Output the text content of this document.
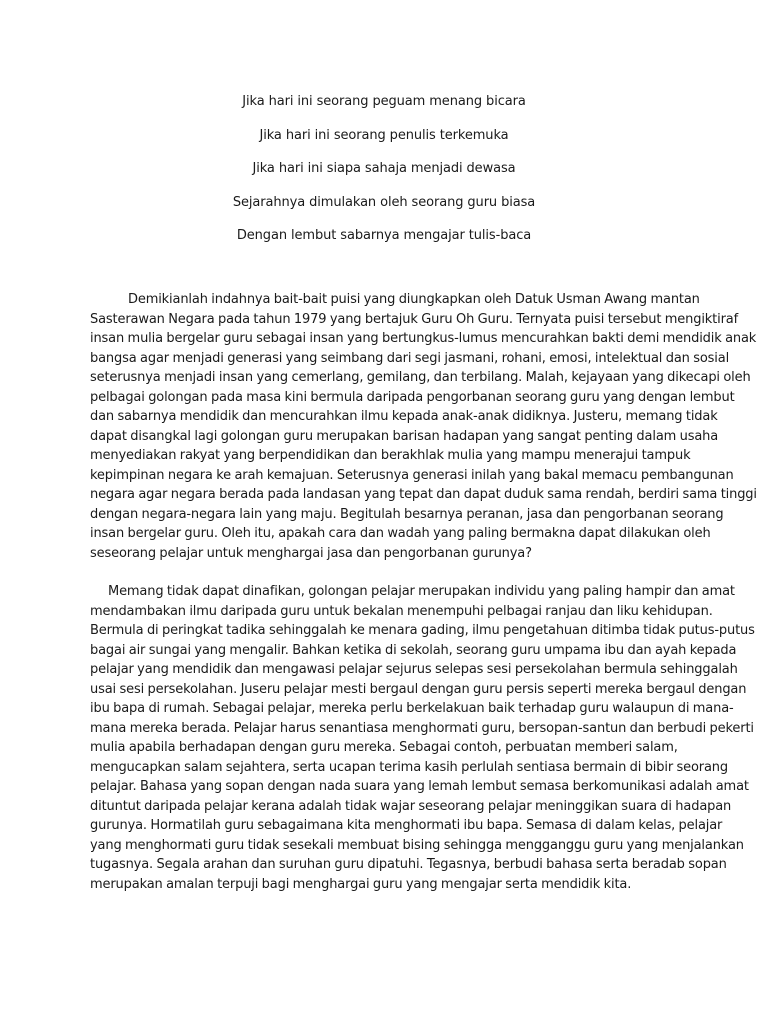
Jika hari ini seorang peguam menang bicara
Jika hari ini seorang penulis terkemuka
Jika hari ini siapa sahaja menjadi dewasa
Sejarahnya dimulakan oleh seorang guru biasa
Dengan lembut sabarnya mengajar tulis-baca
Demikianlah indahnya bait-bait puisi yang diungkapkan oleh Datuk Usman Awang mantan
Sasterawan Negara pada tahun 1979 yang bertajuk Guru Oh Guru. Ternyata puisi tersebut mengiktiraf
insan mulia bergelar guru sebagai insan yang bertungkus-lumus mencurahkan bakti demi mendidik anak
bangsa agar menjadi generasi yang seimbang dari segi jasmani, rohani, emosi, intelektual dan sosial
seterusnya menjadi insan yang cemerlang, gemilang, dan terbilang. Malah, kejayaan yang dikecapi oleh
pelbagai golongan pada masa kini bermula daripada pengorbanan seorang guru yang dengan lembut
dan sabarnya mendidik dan mencurahkan ilmu kepada anak-anak didiknya. Justeru, memang tidak
dapat disangkal lagi golongan guru merupakan barisan hadapan yang sangat penting dalam usaha
menyediakan rakyat yang berpendidikan dan berakhlak mulia yang mampu menerajui tampuk
kepimpinan negara ke arah kemajuan. Seterusnya generasi inilah yang bakal memacu pembangunan
negara agar negara berada pada landasan yang tepat dan dapat duduk sama rendah, berdiri sama tinggi
dengan negara-negara lain yang maju. Begitulah besarnya peranan, jasa dan pengorbanan seorang
insan bergelar guru. Oleh itu, apakah cara dan wadah yang paling bermakna dapat dilakukan oleh
seseorang pelajar untuk menghargai jasa dan pengorbanan gurunya?
Memang tidak dapat dinafikan, golongan pelajar merupakan individu yang paling hampir dan amat
mendambakan ilmu daripada guru untuk bekalan menempuhi pelbagai ranjau dan liku kehidupan.
Bermula di peringkat tadika sehinggalah ke menara gading, ilmu pengetahuan ditimba tidak putus-putus
bagai air sungai yang mengalir. Bahkan ketika di sekolah, seorang guru umpama ibu dan ayah kepada
pelajar yang mendidik dan mengawasi pelajar sejurus selepas sesi persekolahan bermula sehinggalah
usai sesi persekolahan. Juseru pelajar mesti bergaul dengan guru persis seperti mereka bergaul dengan
ibu bapa di rumah. Sebagai pelajar, mereka perlu berkelakuan baik terhadap guru walaupun di mana-
mana mereka berada. Pelajar harus senantiasa menghormati guru, bersopan-santun dan berbudi pekerti
mulia apabila berhadapan dengan guru mereka. Sebagai contoh, perbuatan memberi salam,
mengucapkan salam sejahtera, serta ucapan terima kasih perlulah sentiasa bermain di bibir seorang
pelajar. Bahasa yang sopan dengan nada suara yang lemah lembut semasa berkomunikasi adalah amat
dituntut daripada pelajar kerana adalah tidak wajar seseorang pelajar meninggikan suara di hadapan
gurunya. Hormatilah guru sebagaimana kita menghormati ibu bapa. Semasa di dalam kelas, pelajar
yang menghormati guru tidak sesekali membuat bising sehingga mengganggu guru yang menjalankan
tugasnya. Segala arahan dan suruhan guru dipatuhi. Tegasnya, berbudi bahasa serta beradab sopan
merupakan amalan terpuji bagi menghargai guru yang mengajar serta mendidik kita.
